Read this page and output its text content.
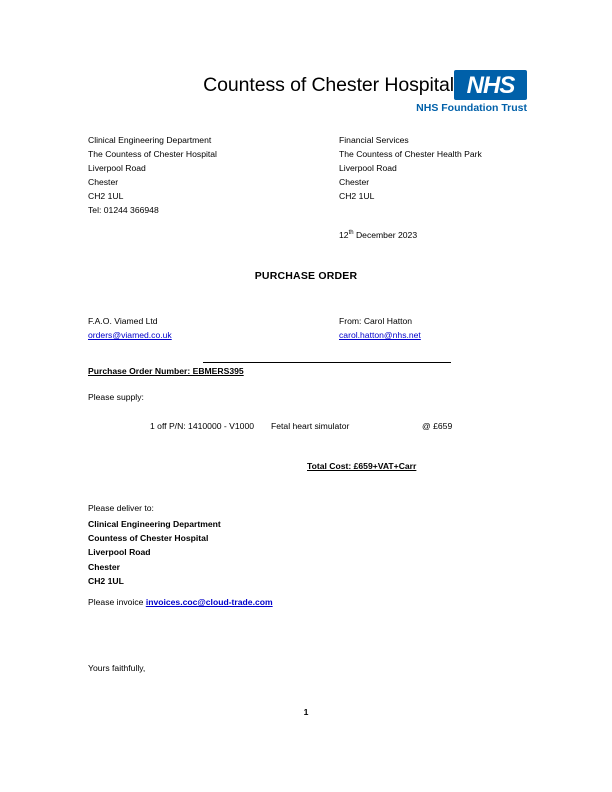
Countess of Chester Hospital NHS
NHS Foundation Trust
Clinical Engineering Department
The Countess of Chester Hospital
Liverpool Road
Chester
CH2 1UL
Tel: 01244 366948
Financial Services
The Countess of Chester Health Park
Liverpool Road
Chester
CH2 1UL
12th December 2023
PURCHASE ORDER
F.A.O. Viamed Ltd
orders@viamed.co.uk
From: Carol Hatton
carol.hatton@nhs.net
Purchase Order Number: EBMERS395
Please supply:
1 off P/N: 1410000 - V1000 Fetal heart simulator	@ £659
Total Cost: £659+VAT+Carr
Please deliver to:
Clinical Engineering Department
Countess of Chester Hospital
Liverpool Road
Chester
CH2 1UL
Please invoice invoices.coc@cloud-trade.com
Yours faithfully,
1
